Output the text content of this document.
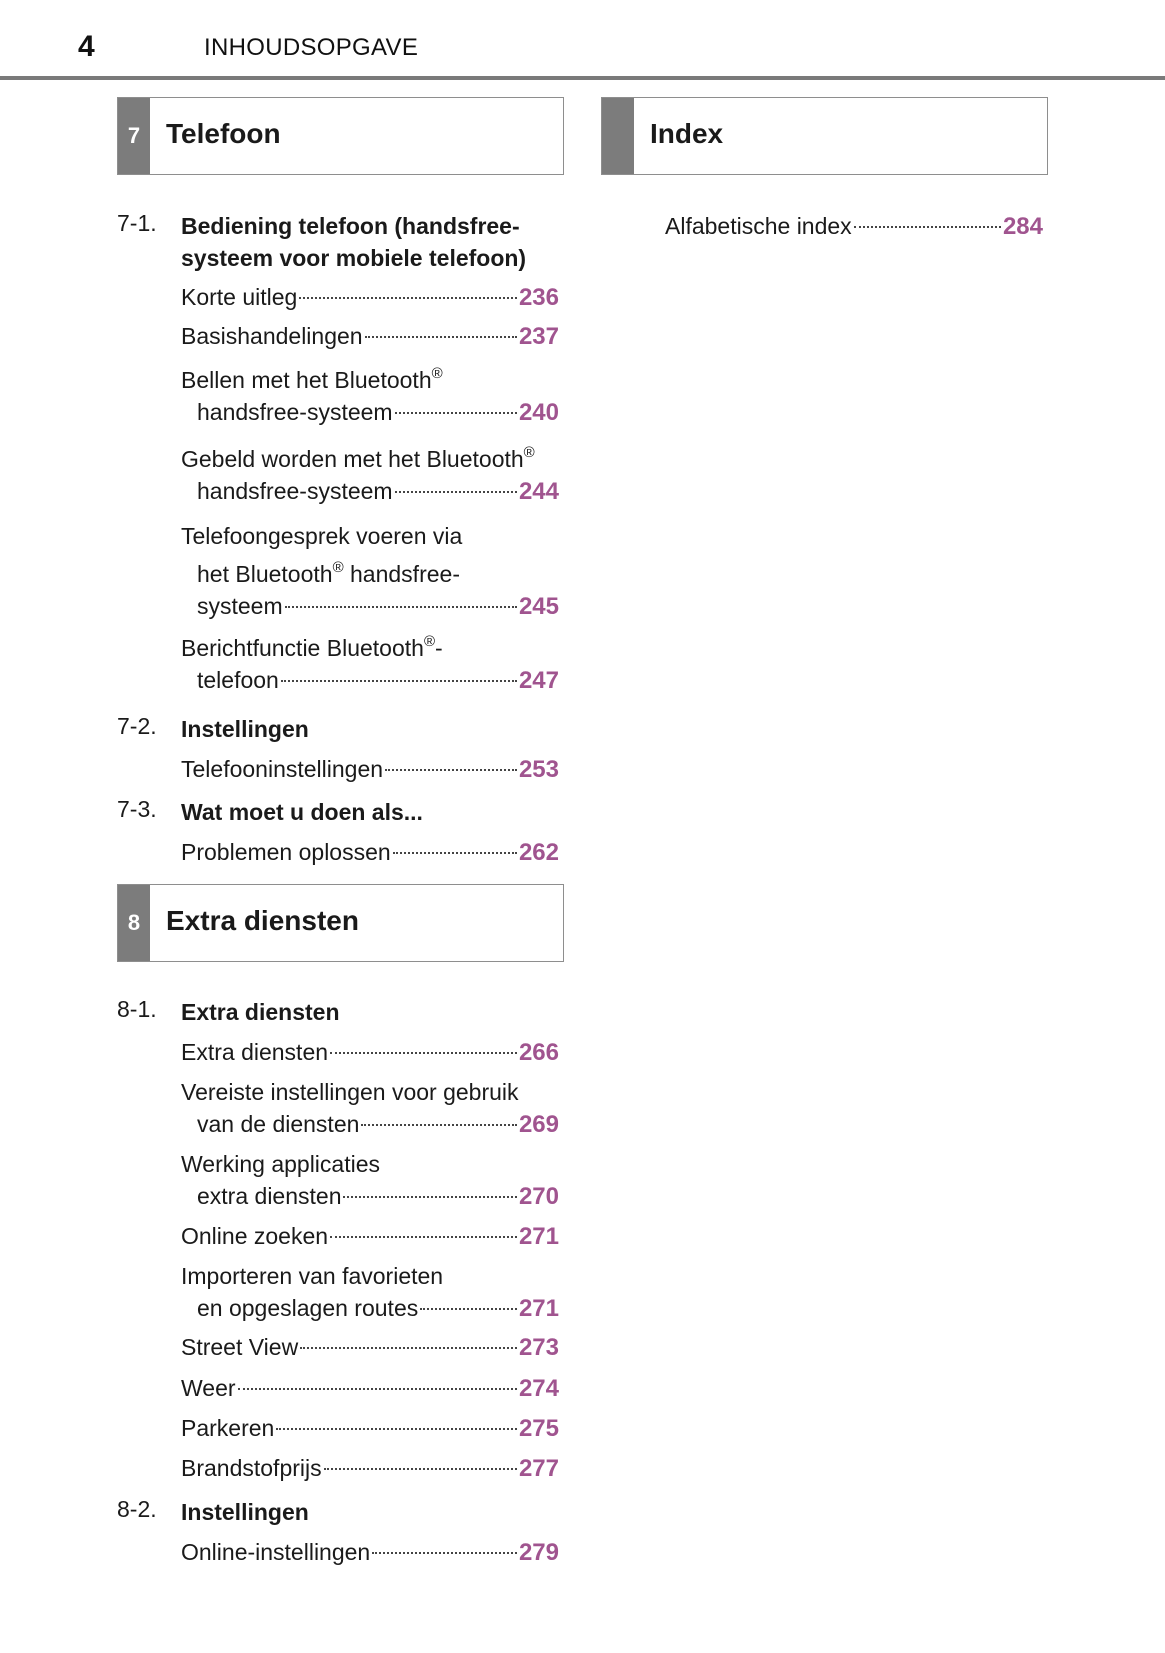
4	INHOUDSOPGAVE
7 Telefoon	Index
7-1. Bediening telefoon (handsfree-systeem voor mobiele telefoon)
Korte uitleg	236
Basishandelingen	237
Bellen met het Bluetooth®
handsfree-systeem	240
Gebeld worden met het Bluetooth®
handsfree-systeem	244
Telefoongesprek voeren via
het Bluetooth® handsfree-
systeem	245
Berichtfunctie Bluetooth®-
telefoon	247
7-2. Instellingen
Telefooninstellingen	253
7-3. Wat moet u doen als...
Problemen oplossen	262
8 Extra diensten
8-1. Extra diensten
Extra diensten	266
Vereiste instellingen voor gebruik
van de diensten	269
Werking applicaties
extra diensten	270
Online zoeken	271
Importeren van favorieten
en opgeslagen routes	271
Street View	273
Weer	274
Parkeren	275
Brandstofprijs	277
8-2. Instellingen
Online-instellingen	279
Alfabetische index	284
